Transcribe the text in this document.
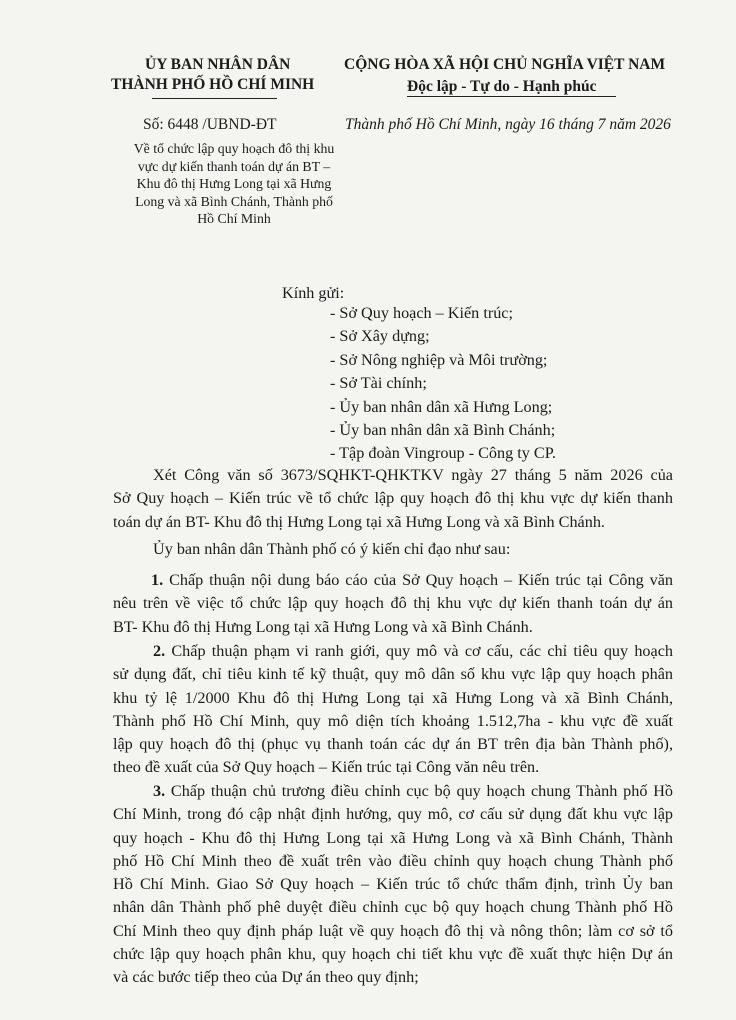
ỦY BAN NHÂN DÂN
THÀNH PHỐ HỒ CHÍ MINH
CỘNG HÒA XÃ HỘI CHỦ NGHĨA VIỆT NAM
Độc lập - Tự do - Hạnh phúc
Số: 6448 /UBND-ĐT	Thành phố Hồ Chí Minh, ngày 16 tháng 7 năm 2026
Về tổ chức lập quy hoạch đô thị khu
vực dự kiến thanh toán dự án BT –
Khu đô thị Hưng Long tại xã Hưng
Long và xã Bình Chánh, Thành phố
Hồ Chí Minh
Kính gửi:
- Sở Quy hoạch – Kiến trúc;
- Sở Xây dựng;
- Sở Nông nghiệp và Môi trường;
- Sở Tài chính;
- Ủy ban nhân dân xã Hưng Long;
- Ủy ban nhân dân xã Bình Chánh;
- Tập đoàn Vingroup - Công ty CP.
Xét Công văn số 3673/SQHKT-QHKTKV ngày 27 tháng 5 năm 2026 của
Sở Quy hoạch – Kiến trúc về tổ chức lập quy hoạch đô thị khu vực dự kiến thanh
toán dự án BT- Khu đô thị Hưng Long tại xã Hưng Long và xã Bình Chánh.
Ủy ban nhân dân Thành phố có ý kiến chỉ đạo như sau:
1. Chấp thuận nội dung báo cáo của Sở Quy hoạch – Kiến trúc tại Công văn
nêu trên về việc tổ chức lập quy hoạch đô thị khu vực dự kiến thanh toán dự án
BT- Khu đô thị Hưng Long tại xã Hưng Long và xã Bình Chánh.
2. Chấp thuận phạm vi ranh giới, quy mô và cơ cấu, các chỉ tiêu quy hoạch
sử dụng đất, chỉ tiêu kinh tế kỹ thuật, quy mô dân số khu vực lập quy hoạch phân
khu tỷ lệ 1/2000 Khu đô thị Hưng Long tại xã Hưng Long và xã Bình Chánh,
Thành phố Hồ Chí Minh, quy mô diện tích khoảng 1.512,7ha - khu vực đề xuất
lập quy hoạch đô thị (phục vụ thanh toán các dự án BT trên địa bàn Thành phố),
theo đề xuất của Sở Quy hoạch – Kiến trúc tại Công văn nêu trên.
3. Chấp thuận chủ trương điều chỉnh cục bộ quy hoạch chung Thành phố Hồ
Chí Minh, trong đó cập nhật định hướng, quy mô, cơ cấu sử dụng đất khu vực lập
quy hoạch - Khu đô thị Hưng Long tại xã Hưng Long và xã Bình Chánh, Thành
phố Hồ Chí Minh theo đề xuất trên vào điều chỉnh quy hoạch chung Thành phố
Hồ Chí Minh. Giao Sở Quy hoạch – Kiến trúc tổ chức thẩm định, trình Ủy ban
nhân dân Thành phố phê duyệt điều chỉnh cục bộ quy hoạch chung Thành phố Hồ
Chí Minh theo quy định pháp luật về quy hoạch đô thị và nông thôn; làm cơ sở tổ
chức lập quy hoạch phân khu, quy hoạch chi tiết khu vực đề xuất thực hiện Dự án
và các bước tiếp theo của Dự án theo quy định;
